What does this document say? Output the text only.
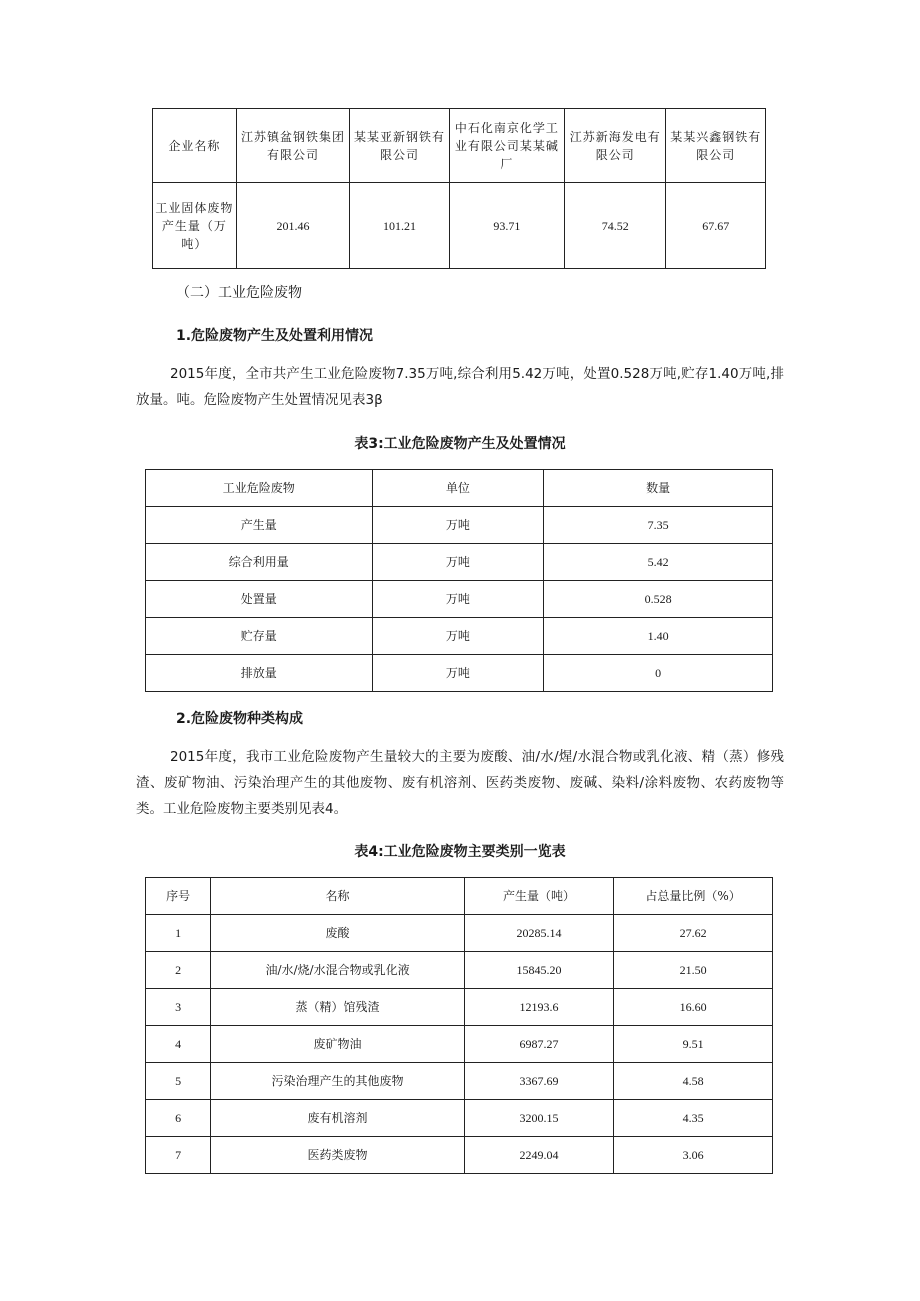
企业名称	江苏镇盆钢铁集团有限公司	某某亚新钢铁有限公司	中石化南京化学工业有限公司某某碱厂	江苏新海发电有限公司	某某兴鑫钢铁有限公司
工业固体废物产生量（万吨）	201.46	101.21	93.71	74.52	67.67
（二）工业危险废物
1.危险废物产生及处置利用情况
2015年度，全市共产生工业危险废物7.35万吨,综合利用5.42万吨，处置0.528万吨,贮存1.40万吨,排放量。吨。危险废物产生处置情况见表3β
表3:工业危险废物产生及处置情况
工业危险废物	单位	数量
产生量	万吨	7.35
综合利用量	万吨	5.42
处置量	万吨	0.528
贮存量	万吨	1.40
排放量	万吨	0
2.危险废物种类构成
2015年度，我市工业危险废物产生量较大的主要为废酸、油/水/煋/水混合物或乳化液、精（蒸）修残渣、废矿物油、污染治理产生的其他废物、废有机溶剂、医药类废物、废碱、染料/涂料废物、农药废物等类。工业危险废物主要类别见表4。
表4:工业危险废物主要类别一览表
序号	名称	产生量（吨）	占总量比例（%）
1	废酸	20285.14	27.62
2	油/水/烧/水混合物或乳化液	15845.20	21.50
3	蒸（精）馆残渣	12193.6	16.60
4	废矿物油	6987.27	9.51
5	污染治理产生的其他废物	3367.69	4.58
6	废有机溶剂	3200.15	4.35
7	医药类废物	2249.04	3.06
